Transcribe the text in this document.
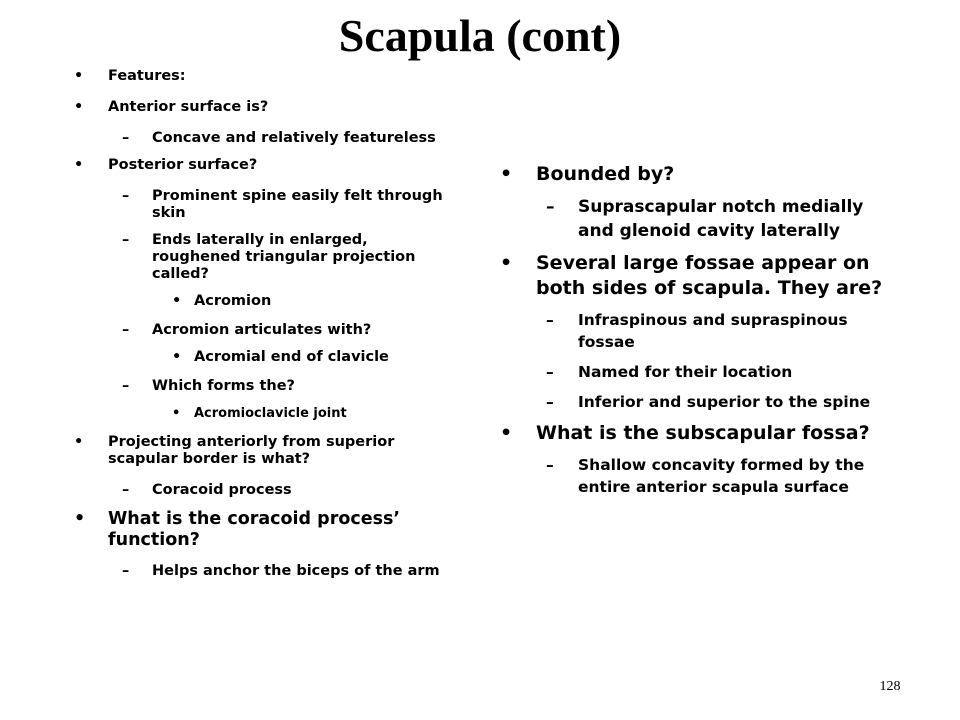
Scapula (cont)
• Features:
• Anterior surface is?
– Concave and relatively featureless
• Posterior surface?
– Prominent spine easily felt through skin
– Ends laterally in enlarged, roughened triangular projection called?
• Acromion
– Acromion articulates with?
• Acromial end of clavicle
– Which forms the?
• Acromioclavicle joint
• Projecting anteriorly from superior scapular border is what?
– Coracoid process
• What is the coracoid process’ function?
– Helps anchor the biceps of the arm
• Bounded by?
– Suprascapular notch medially and glenoid cavity laterally
• Several large fossae appear on both sides of scapula. They are?
– Infraspinous and supraspinous fossae
– Named for their location
– Inferior and superior to the spine
• What is the subscapular fossa?
– Shallow concavity formed by the entire anterior scapula surface
128
